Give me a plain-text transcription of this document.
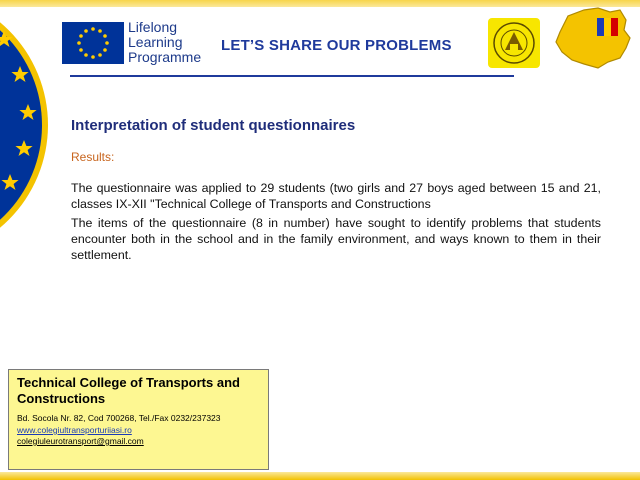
Lifelong
Learning
Programme
LET’S SHARE OUR PROBLEMS
Interpretation of student questionnaires
Results:
The questionnaire was applied to 29 students (two girls and 27 boys aged between 15 and 21, classes IX-XII "Technical College of Transports and Constructions
The items of the questionnaire (8 in number) have sought to identify problems that students encounter both in the school and in the family environment, and ways known to them in their settlement.
Technical College of Transports and Constructions
Bd. Socola Nr. 82, Cod 700268, Tel./Fax 0232/237323
www.colegiultransporturiiasi.ro
colegiuleurotransport@gmail.com
